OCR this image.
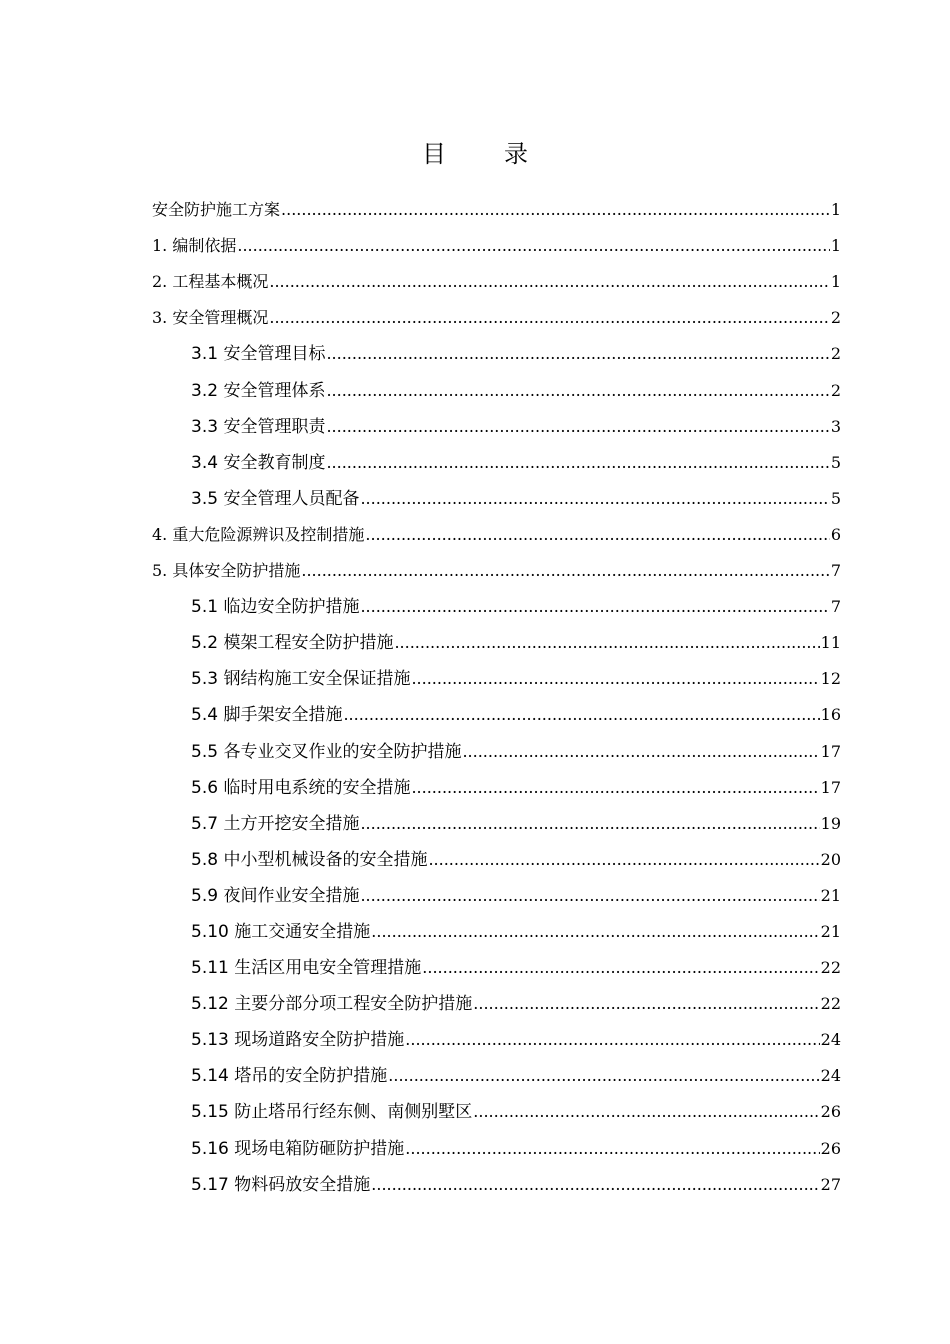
目 录
安全防护施工方案 .....	1
1. 编制依据 .....	1
2. 工程基本概况 .....	1
3. 安全管理概况 .....	2
3.1 安全管理目标 .....	2
3.2 安全管理体系 .....	2
3.3 安全管理职责 .....	3
3.4 安全教育制度 .....	5
3.5 安全管理人员配备 .....	5
4. 重大危险源辨识及控制措施 .....	6
5. 具体安全防护措施 .....	7
5.1 临边安全防护措施 .....	7
5.2 模架工程安全防护措施 .....	11
5.3 钢结构施工安全保证措施 .....	12
5.4 脚手架安全措施 .....	16
5.5 各专业交叉作业的安全防护措施 .....	17
5.6 临时用电系统的安全措施 .....	17
5.7 土方开挖安全措施 .....	19
5.8 中小型机械设备的安全措施 .....	20
5.9 夜间作业安全措施 .....	21
5.10 施工交通安全措施 .....	21
5.11 生活区用电安全管理措施 .....	22
5.12 主要分部分项工程安全防护措施 .....	22
5.13 现场道路安全防护措施 .....	24
5.14 塔吊的安全防护措施 .....	24
5.15 防止塔吊行经东侧、南侧别墅区 .....	26
5.16 现场电箱防砸防护措施 .....	26
5.17 物料码放安全措施 .....	27
